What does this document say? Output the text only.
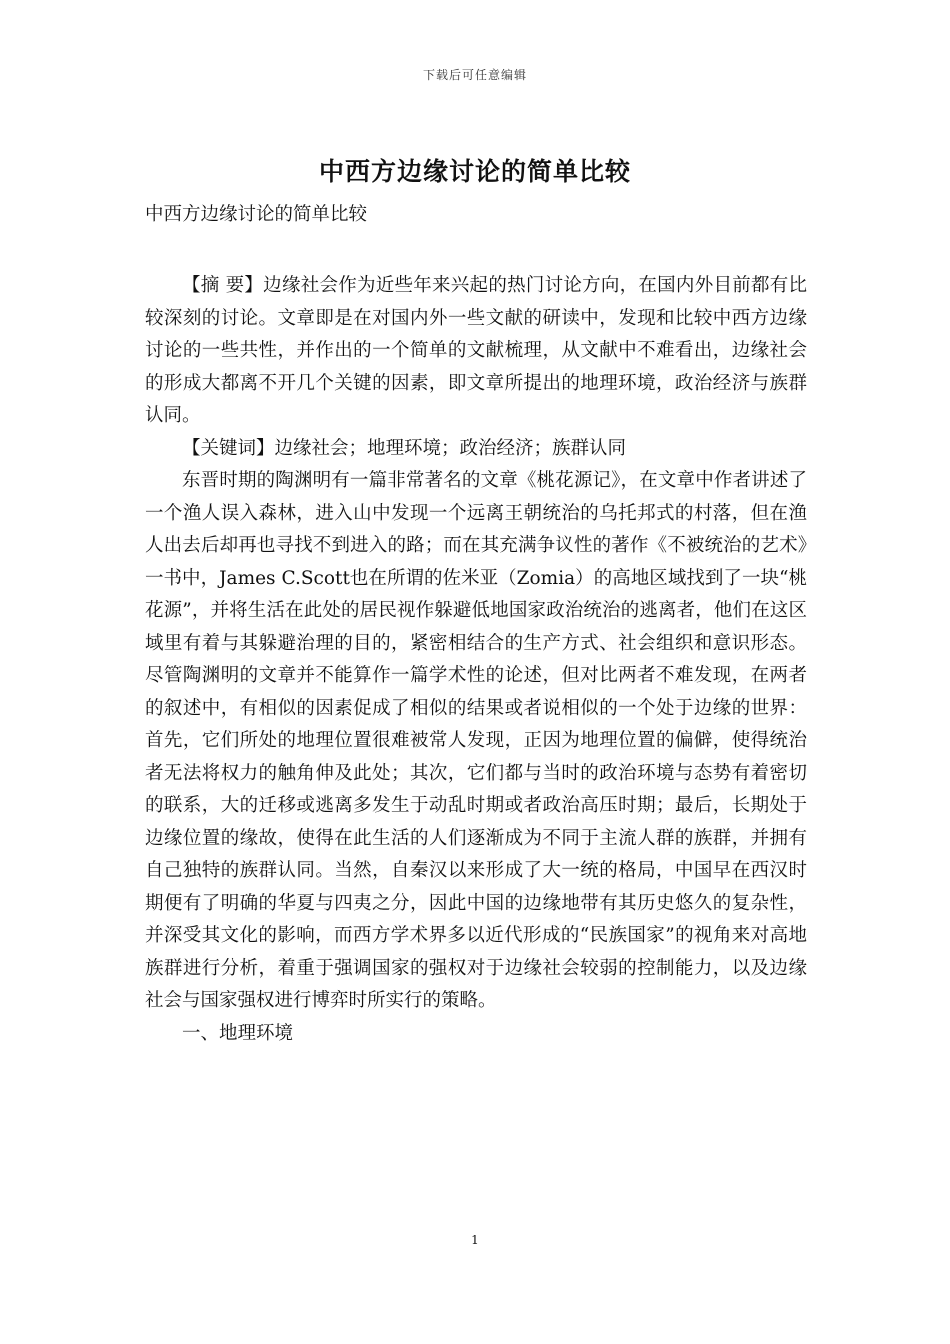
下载后可任意编辑
中西方边缘讨论的简单比较
中西方边缘讨论的简单比较

【摘 要】边缘社会作为近些年来兴起的热门讨论方向，在国内外目前都有比较深刻的讨论。文章即是在对国内外一些文献的研读中，发现和比较中西方边缘讨论的一些共性，并作出的一个简单的文献梳理，从文献中不难看出，边缘社会的形成大都离不开几个关键的因素，即文章所提出的地理环境，政治经济与族群认同。

【关键词】边缘社会；地理环境；政治经济；族群认同

东晋时期的陶渊明有一篇非常著名的文章《桃花源记》，在文章中作者讲述了一个渔人误入森林，进入山中发现一个远离王朝统治的乌托邦式的村落，但在渔人出去后却再也寻找不到进入的路；而在其充满争议性的著作《不被统治的艺术》一书中，James C.Scott也在所谓的佐米亚（Zomia）的高地区域找到了一块“桃花源”，并将生活在此处的居民视作躲避低地国家政治统治的逃离者，他们在这区域里有着与其躲避治理的目的，紧密相结合的生产方式、社会组织和意识形态。尽管陶渊明的文章并不能算作一篇学术性的论述，但对比两者不难发现，在两者的叙述中，有相似的因素促成了相似的结果或者说相似的一个处于边缘的世界：首先，它们所处的地理位置很难被常人发现，正因为地理位置的偏僻，使得统治者无法将权力的触角伸及此处；其次，它们都与当时的政治环境与态势有着密切的联系，大的迁移或逃离多发生于动乱时期或者政治高压时期；最后，长期处于边缘位置的缘故，使得在此生活的人们逐渐成为不同于主流人群的族群，并拥有自己独特的族群认同。当然，自秦汉以来形成了大一统的格局，中国早在西汉时期便有了明确的华夏与四夷之分，因此中国的边缘地带有其历史悠久的复杂性，并深受其文化的影响，而西方学术界多以近代形成的“民族国家”的视角来对高地族群进行分析，着重于强调国家的强权对于边缘社会较弱的控制能力，以及边缘社会与国家强权进行博弈时所实行的策略。

一、地理环境

1
